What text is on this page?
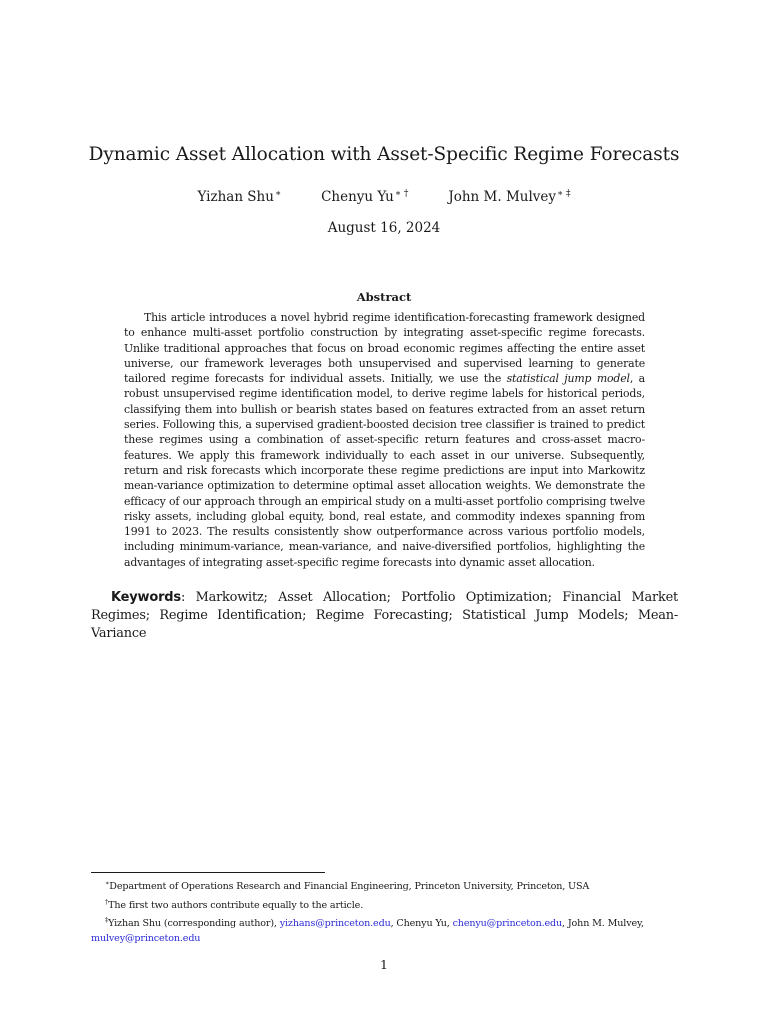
Dynamic Asset Allocation with Asset-Specific Regime Forecasts
Yizhan Shu∗	Chenyu Yu∗ †	John M. Mulvey∗ ‡
August 16, 2024
Abstract
This article introduces a novel hybrid regime identification-forecasting framework designed to enhance multi-asset portfolio construction by integrating asset-specific regime forecasts. Unlike traditional approaches that focus on broad economic regimes affecting the entire asset universe, our framework leverages both unsupervised and supervised learning to generate tailored regime forecasts for individual assets. Initially, we use the statistical jump model, a robust unsupervised regime identification model, to derive regime labels for historical periods, classifying them into bullish or bearish states based on features extracted from an asset return series. Following this, a supervised gradient-boosted decision tree classifier is trained to predict these regimes using a combination of asset-specific return features and cross-asset macro-features. We apply this framework individually to each asset in our universe. Subsequently, return and risk forecasts which incorporate these regime predictions are input into Markowitz mean-variance optimization to determine optimal asset allocation weights. We demonstrate the efficacy of our approach through an empirical study on a multi-asset portfolio comprising twelve risky assets, including global equity, bond, real estate, and commodity indexes spanning from 1991 to 2023. The results consistently show outperformance across various portfolio models, including minimum-variance, mean-variance, and naive-diversified portfolios, highlighting the advantages of integrating asset-specific regime forecasts into dynamic asset allocation.
Keywords: Markowitz; Asset Allocation; Portfolio Optimization; Financial Market Regimes; Regime Identification; Regime Forecasting; Statistical Jump Models; Mean-Variance
∗Department of Operations Research and Financial Engineering, Princeton University, Princeton, USA
†The first two authors contribute equally to the article.
‡Yizhan Shu (corresponding author), yizhans@princeton.edu, Chenyu Yu, chenyu@princeton.edu, John M. Mulvey, mulvey@princeton.edu
1
